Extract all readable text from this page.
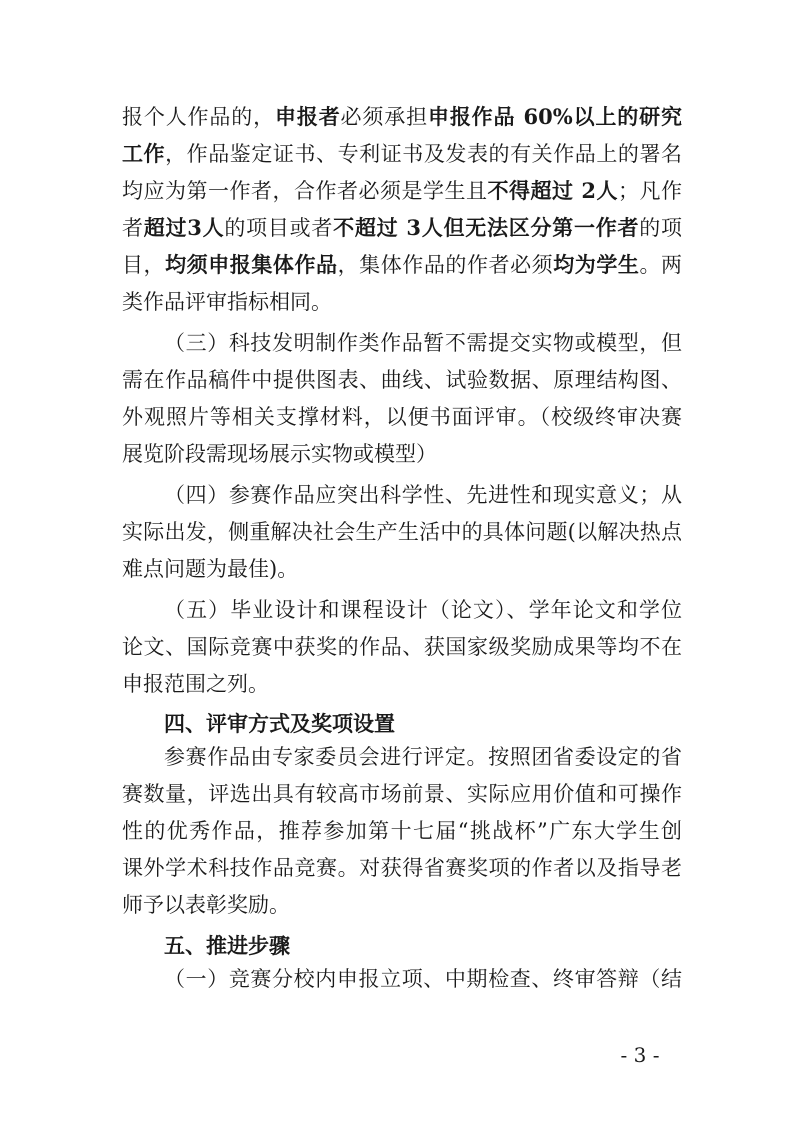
报个人作品的，申报者必须承担申报作品 60%以上的研究
工作，作品鉴定证书、专利证书及发表的有关作品上的署名
均应为第一作者，合作者必须是学生且不得超过 2人；凡作
者超过3人的项目或者不超过 3人但无法区分第一作者的项
目，均须申报集体作品，集体作品的作者必须均为学生。两
类作品评审指标相同。
（三）科技发明制作类作品暂不需提交实物或模型，但
需在作品稿件中提供图表、曲线、试验数据、原理结构图、
外观照片等相关支撑材料，以便书面评审。（校级终审决赛
展览阶段需现场展示实物或模型）
（四）参赛作品应突出科学性、先进性和现实意义；从
实际出发，侧重解决社会生产生活中的具体问题(以解决热点
难点问题为最佳)。
（五）毕业设计和课程设计（论文）、学年论文和学位
论文、国际竞赛中获奖的作品、获国家级奖励成果等均不在
申报范围之列。
四、评审方式及奖项设置
参赛作品由专家委员会进行评定。按照团省委设定的省
赛数量，评选出具有较高市场前景、实际应用价值和可操作
性的优秀作品，推荐参加第十七届“挑战杯”广东大学生创
课外学术科技作品竞赛。对获得省赛奖项的作者以及指导老
师予以表彰奖励。
五、推进步骤
（一）竞赛分校内申报立项、中期检查、终审答辩（结
- 3 -
